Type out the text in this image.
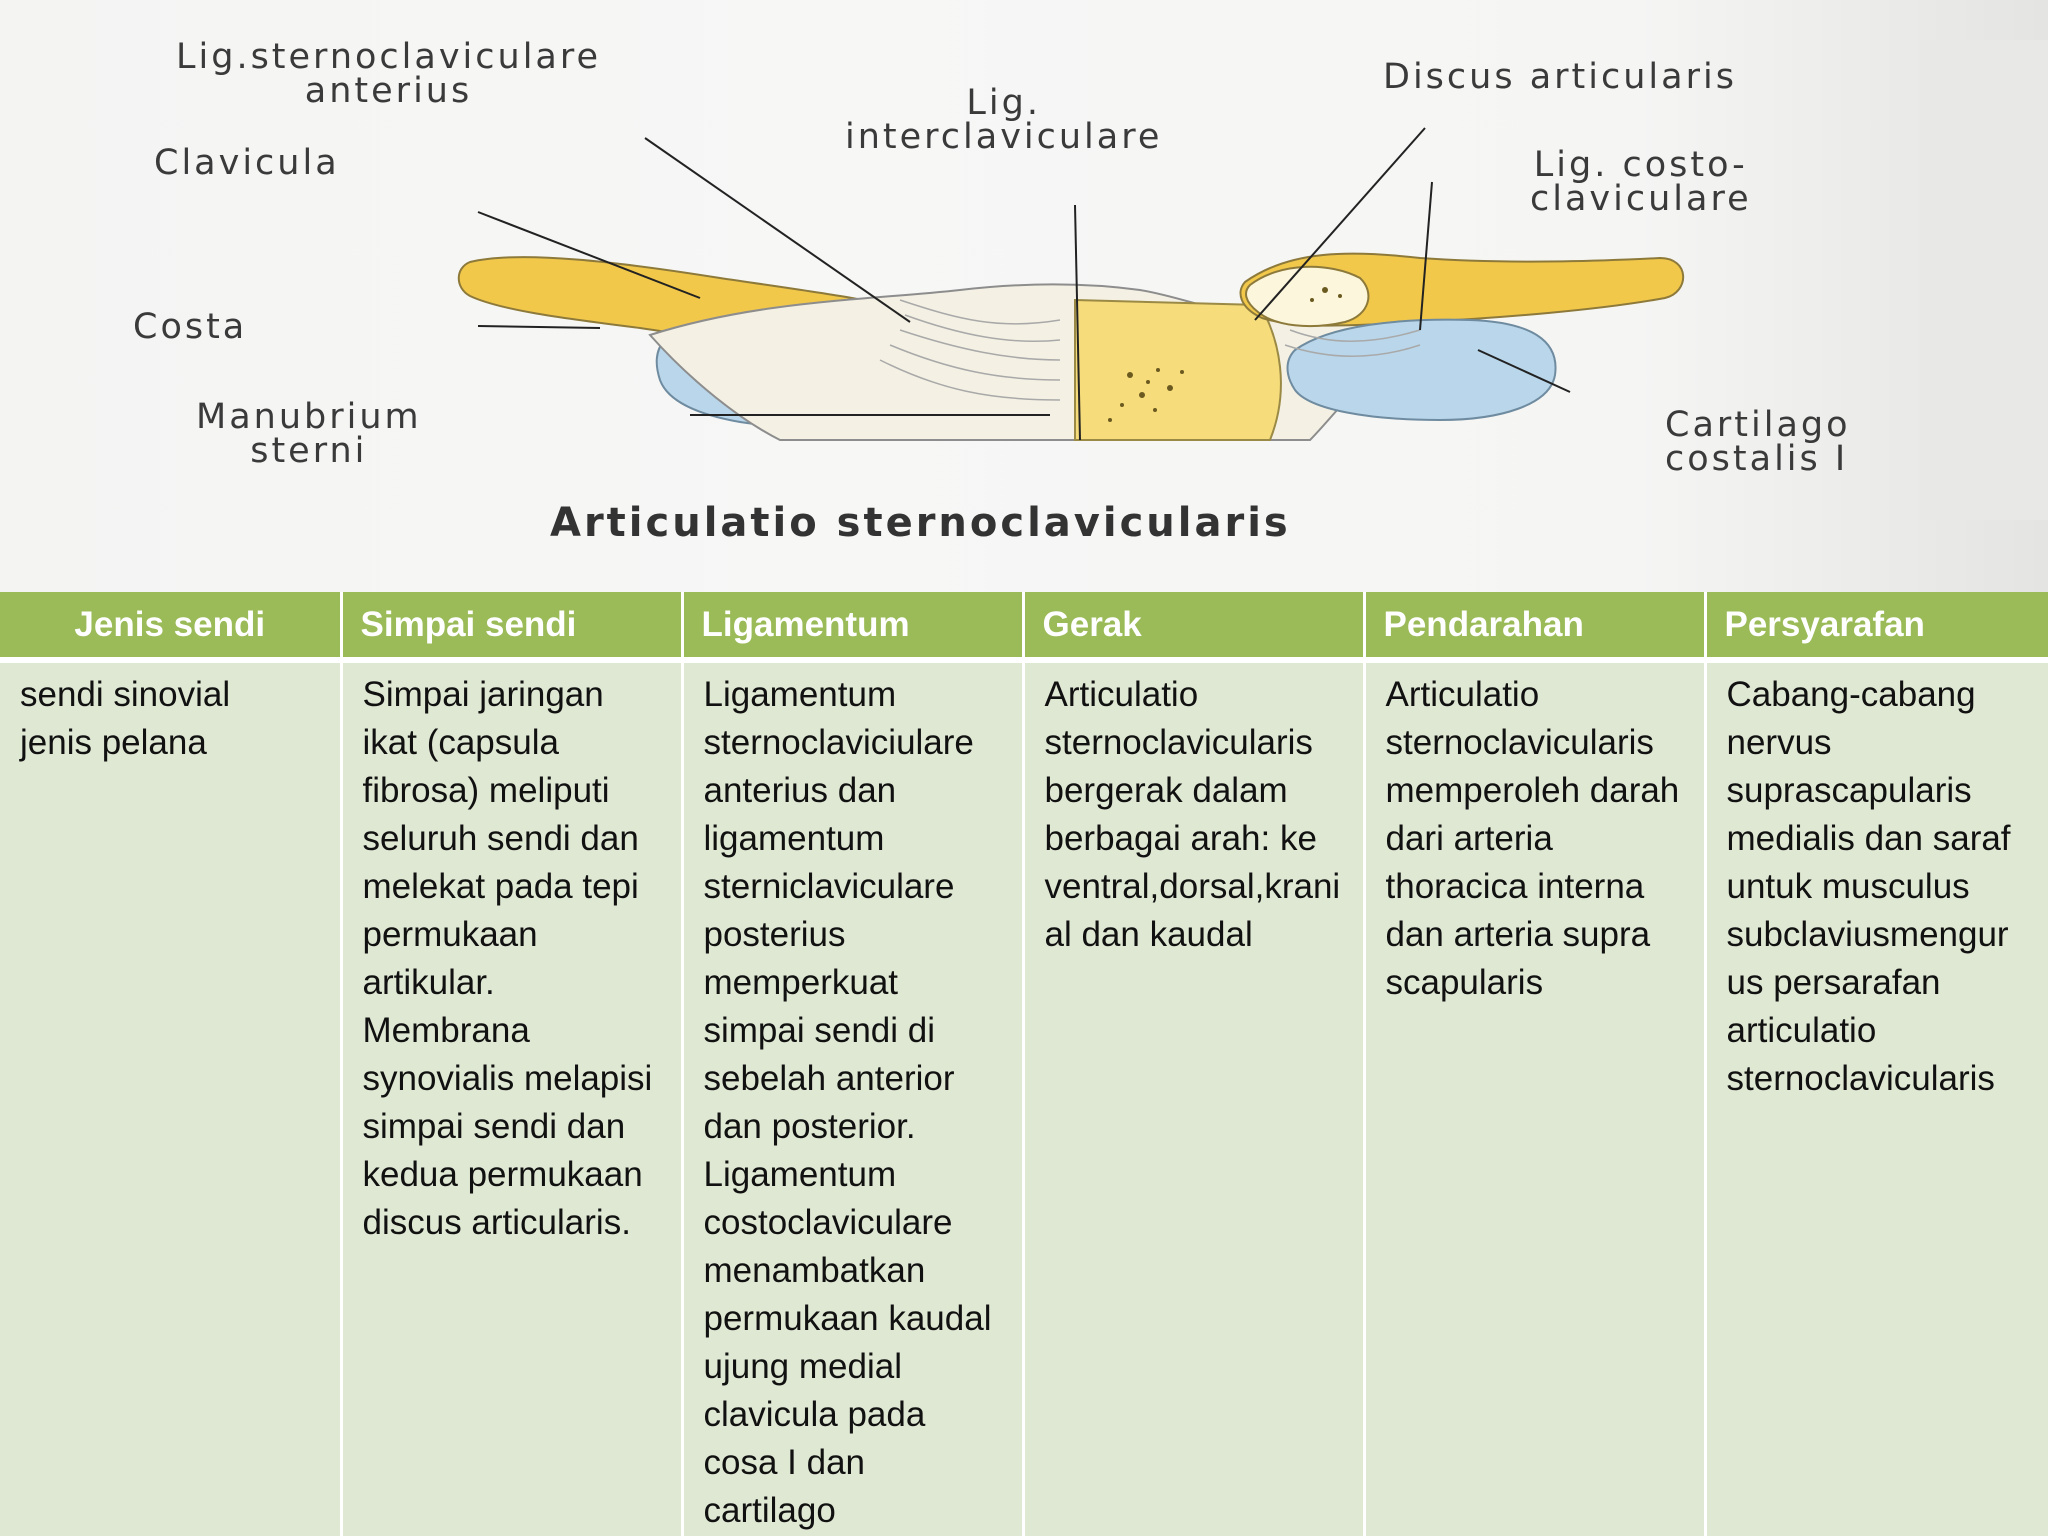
Lig.sternoclaviculare
anterius	Lig.
interclaviculare
Discus articularis
Clavicula	Lig. costo-
claviculare
Costa
Manubrium
sterni
Cartilago
costalis I
Articulatio sternoclavicularis
Jenis sendi	Simpai sendi	Ligamentum	Gerak	Pendarahan	Persyarafan

sendi sinovial
jenis pelana	Simpai jaringan ikat (capsula fibrosa) meliputi seluruh sendi dan melekat pada tepi permukaan artikular. Membrana synovialis melapisi simpai sendi dan kedua permukaan discus articularis.	Ligamentum sternoclaviciulare anterius dan ligamentum sterniclaviculare posterius memperkuat simpai sendi di sebelah anterior dan posterior. Ligamentum costoclaviculare menambatkan permukaan kaudal ujung medial clavicula pada cosa I dan cartilago	Articulatio sternoclavicularis bergerak dalam berbagai arah: ke ventral,dorsal,kranial dan kaudal	Articulatio sternoclavicularis memperoleh darah dari arteria thoracica interna dan arteria supra scapularis	Cabang-cabang nervus suprascapularis medialis dan saraf untuk musculus subclaviusmengurus persarafan articulatio sternoclavicularis
